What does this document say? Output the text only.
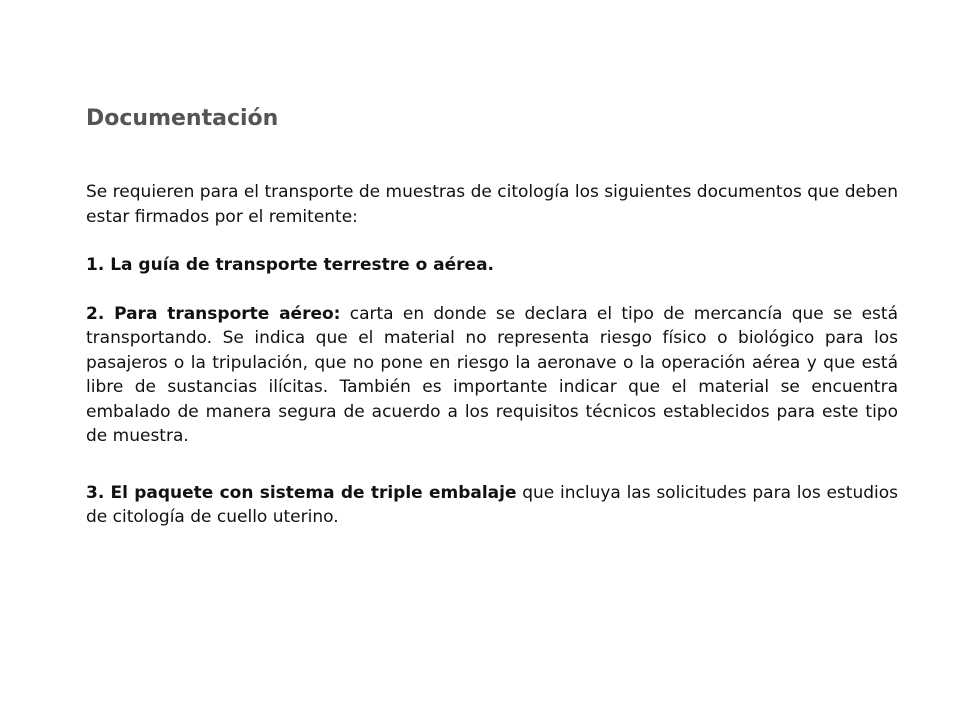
Documentación

Se requieren para el transporte de muestras de citología los siguientes documentos que deben estar firmados por el remitente:

1. La guía de transporte terrestre o aérea.

2. Para transporte aéreo: carta en donde se declara el tipo de mercancía que se está transportando. Se indica que el material no representa riesgo físico o biológico para los pasajeros o la tripulación, que no pone en riesgo la aeronave o la operación aérea y que está libre de sustancias ilícitas. También es importante indicar que el material se encuentra embalado de manera segura de acuerdo a los requisitos técnicos establecidos para este tipo de muestra.

3. El paquete con sistema de triple embalaje que incluya las solicitudes para los estudios de citología de cuello uterino.
